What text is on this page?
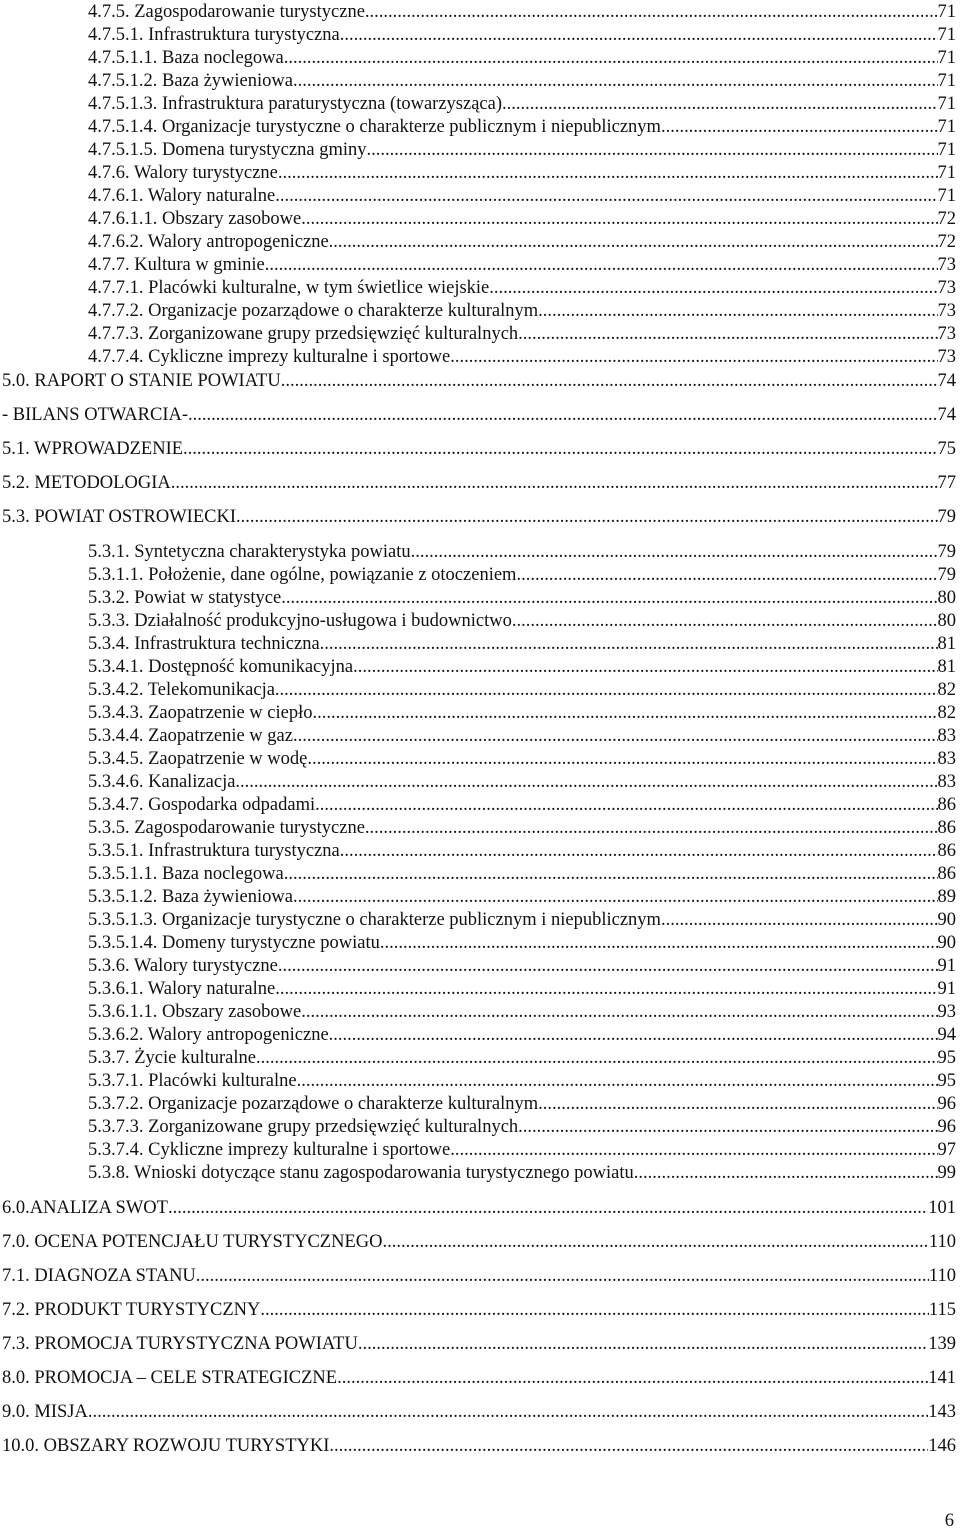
4.7.5. Zagospodarowanie turystyczne. .....	71
4.7.5.1. Infrastruktura turystyczna .....	71
4.7.5.1.1. Baza noclegowa .....	71
4.7.5.1.2. Baza żywieniowa .....	71
4.7.5.1.3. Infrastruktura paraturystyczna (towarzysząca) .....	71
4.7.5.1.4. Organizacje turystyczne o charakterze publicznym i niepublicznym .....	71
4.7.5.1.5. Domena turystyczna gminy .....	71
4.7.6. Walory turystyczne .....	71
4.7.6.1. Walory naturalne .....	71
4.7.6.1.1. Obszary zasobowe .....	72
4.7.6.2. Walory antropogeniczne .....	72
4.7.7. Kultura w gminie .....	73
4.7.7.1. Placówki kulturalne, w tym świetlice wiejskie .....	73
4.7.7.2. Organizacje pozarządowe o charakterze kulturalnym .....	73
4.7.7.3. Zorganizowane grupy przedsięwzięć kulturalnych .....	73
4.7.7.4. Cykliczne imprezy kulturalne i sportowe .....	73
5.0. RAPORT O STANIE POWIATU .....	74
- BILANS OTWARCIA- .....	74
5.1. WPROWADZENIE .....	75
5.2. METODOLOGIA .....	77
5.3. POWIAT OSTROWIECKI .....	79
5.3.1. Syntetyczna charakterystyka powiatu .....	79
5.3.1.1. Położenie, dane ogólne, powiązanie z otoczeniem .....	79
5.3.2. Powiat w statystyce .....	80
5.3.3. Działalność produkcyjno-usługowa i budownictwo .....	80
5.3.4. Infrastruktura techniczna .....	81
5.3.4.1. Dostępność komunikacyjna .....	81
5.3.4.2. Telekomunikacja .....	82
5.3.4.3. Zaopatrzenie w ciepło .....	82
5.3.4.4. Zaopatrzenie w gaz .....	83
5.3.4.5. Zaopatrzenie w wodę .....	83
5.3.4.6. Kanalizacja .....	83
5.3.4.7. Gospodarka odpadami .....	86
5.3.5. Zagospodarowanie turystyczne. .....	86
5.3.5.1. Infrastruktura turystyczna .....	86
5.3.5.1.1. Baza noclegowa .....	86
5.3.5.1.2. Baza żywieniowa .....	89
5.3.5.1.3. Organizacje turystyczne o charakterze publicznym i niepublicznym .....	90
5.3.5.1.4. Domeny turystyczne powiatu .....	90
5.3.6. Walory turystyczne .....	91
5.3.6.1. Walory naturalne .....	91
5.3.6.1.1. Obszary zasobowe .....	93
5.3.6.2. Walory antropogeniczne .....	94
5.3.7. Życie kulturalne .....	95
5.3.7.1. Placówki kulturalne .....	95
5.3.7.2. Organizacje pozarządowe o charakterze kulturalnym .....	96
5.3.7.3. Zorganizowane grupy przedsięwzięć kulturalnych .....	96
5.3.7.4. Cykliczne imprezy kulturalne i sportowe .....	97
5.3.8. Wnioski dotyczące stanu zagospodarowania turystycznego powiatu .....	99
6.0.ANALIZA SWOT .....	101
7.0. OCENA POTENCJAŁU TURYSTYCZNEGO .....	110
7.1. DIAGNOZA STANU .....	110
7.2. PRODUKT TURYSTYCZNY .....	115
7.3. PROMOCJA TURYSTYCZNA POWIATU .....	139
8.0. PROMOCJA – CELE STRATEGICZNE .....	141
9.0. MISJA .....	143
10.0. OBSZARY ROZWOJU TURYSTYKI .....	146
6
